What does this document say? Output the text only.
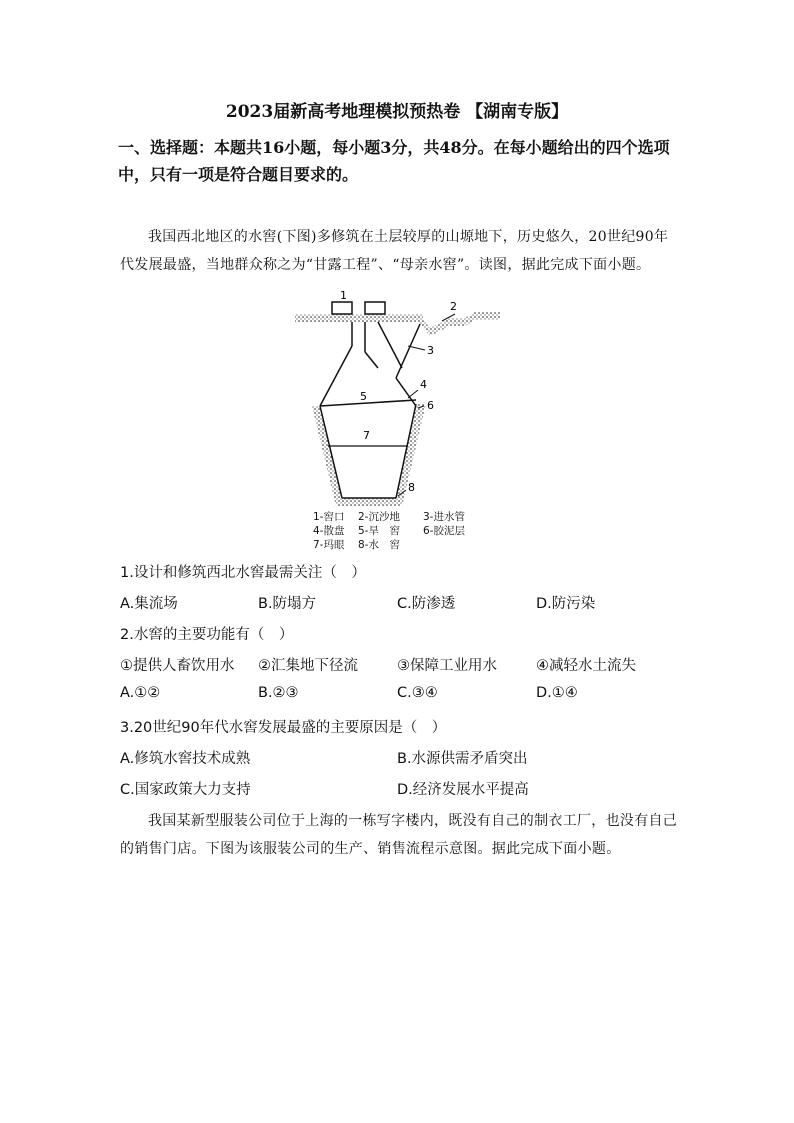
2023届新高考地理模拟预热卷 【湖南专版】
一、选择题：本题共16小题，每小题3分，共48分。在每小题给出的四个选项中，只有一项是符合题目要求的。
我国西北地区的水窖(下图)多修筑在土层较厚的山塬地下，历史悠久，20世纪90年代发展最盛，当地群众称之为“甘露工程”、“母亲水窖”。读图，据此完成下面小题。
1
2
3
4
5
6
7
8
1-窖口 2-沉沙地 3-进水管
4-散盘 5-旱　窖 6-胶泥层
7-玛眼 8-水　窖
1.设计和修筑西北水窖最需关注（　）
A.集流场	B.防塌方	C.防渗透	D.防污染
2.水窖的主要功能有（　）
①提供人畜饮用水 ②汇集地下径流	③保障工业用水	④减轻水土流失
A.①②	B.②③	C.③④	D.①④
3.20世纪90年代水窖发展最盛的主要原因是（　）
A.修筑水窖技术成熟	B.水源供需矛盾突出
C.国家政策大力支持	D.经济发展水平提高
我国某新型服装公司位于上海的一栋写字楼内，既没有自己的制衣工厂，也没有自己的销售门店。下图为该服装公司的生产、销售流程示意图。据此完成下面小题。
